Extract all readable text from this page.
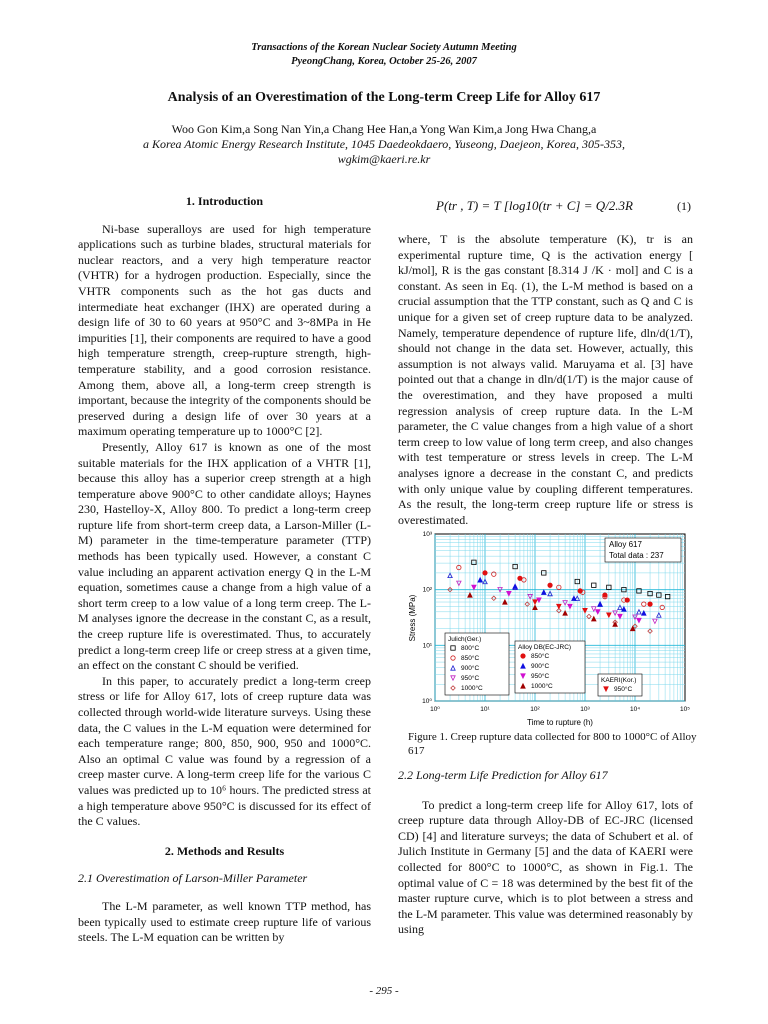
Transactions of the Korean Nuclear Society Autumn Meeting
PyeongChang, Korea, October 25-26, 2007
Analysis of an Overestimation of the Long-term Creep Life for Alloy 617
Woo Gon Kim,a Song Nan Yin,a Chang Hee Han,a Yong Wan Kim,a Jong Hwa Chang,a
a Korea Atomic Energy Research Institute, 1045 Daedeokdaero, Yuseong, Daejeon, Korea, 305-353,
wgkim@kaeri.re.kr

1. Introduction

Ni-base superalloys are used for high temperature applications such as turbine blades, structural materials for nuclear reactors, and a very high temperature reactor (VHTR) for a hydrogen production. Especially, since the VHTR components such as the hot gas ducts and intermediate heat exchanger (IHX) are operated during a design life of 30 to 60 years at 950°C and 3~8MPa in He impurities [1], their components are required to have a good high temperature strength, creep-rupture strength, high-temperature stability, and a good corrosion resistance. Among them, above all, a long-term creep strength is important, because the integrity of the components should be preserved during a design life of over 30 years at a maximum operating temperature up to 1000°C [2].

Presently, Alloy 617 is known as one of the most suitable materials for the IHX application of a VHTR [1], because this alloy has a superior creep strength at a high temperature above 900°C to other candidate alloys; Haynes 230, Hastelloy-X, Alloy 800. To predict a long-term creep rupture life from short-term creep data, a Larson-Miller (L-M) parameter in the time-temperature parameter (TTP) methods has been typically used. However, a constant C value including an apparent activation energy Q in the L-M equation, sometimes cause a change from a high value of a short term creep to a low value of a long term creep. The L-M analyses ignore the decrease in the constant C, as a result, the creep rupture life is overestimated. Thus, to accurately predict a long-term creep life or creep stress at a given time, an effect on the constant C should be verified.

In this paper, to accurately predict a long-term creep stress or life for Alloy 617, lots of creep rupture data was collected through world-wide literature surveys. Using these data, the C values in the L-M equation were determined for each temperature range; 800, 850, 900, 950 and 1000°C. Also an optimal C value was found by a regression of a creep master curve. A long-term creep life for the various C values was predicted up to 10⁶ hours. The predicted stress at a high temperature above 950°C is discussed for its effect of the C values.

2. Methods and Results

2.1 Overestimation of Larson-Miller Parameter

The L-M parameter, as well known TTP method, has been typically used to estimate creep rupture life of various steels. The L-M equation can be written by

P(tr , T) = T [log10(tr + C] = Q/2.3R	(1)

where, T is the absolute temperature (K), tr is an experimental rupture time, Q is the activation energy [ kJ/mol], R is the gas constant [8.314 J /K · mol] and C is a constant. As seen in Eq. (1), the L-M method is based on a crucial assumption that the TTP constant, such as Q and C is unique for a given set of creep rupture data to be analyzed. Namely, temperature dependence of rupture life, dln/d(1/T), should not change in the data set. However, actually, this assumption is not always valid. Maruyama et al. [3] have pointed out that a change in dln/d(1/T) is the major cause of the overestimation, and they have proposed a multi regression analysis of creep rupture data. In the L-M parameter, the C value changes from a high value of a short term creep to low value of long term creep, and also changes with test temperature or stress levels in creep. The L-M analyses ignore a decrease in the constant C, and predicts with only unique value by coupling different temperatures. As the result, the long-term creep rupture life or stress is overestimated.

10⁰	10¹	10²	10³	10⁴	10⁵
10⁰
10¹
10²
10³
Stress (MPa)
Time to rupture (h)
Alloy 617
Total data : 237
Julich(Ger.)
800°C
850°C
900°C
950°C
1000°C
Alloy DB(EC-JRC)
850°C
900°C
950°C
1000°C
KAERI(Kor.)
950°C
Figure 1. Creep rupture data collected for 800 to 1000°C of Alloy 617

2.2 Long-term Life Prediction for Alloy 617

To predict a long-term creep life for Alloy 617, lots of creep rupture data through Alloy-DB of EC-JRC (licensed CD) [4] and literature surveys; the data of Schubert et al. of Julich Institute in Germany [5] and the data of KAERI were collected for 800°C to 1000°C, as shown in Fig.1. The optimal value of C = 18 was determined by the best fit of the master rupture curve, which is to plot between a stress and the L-M parameter. This value was determined reasonably by using

- 295 -
